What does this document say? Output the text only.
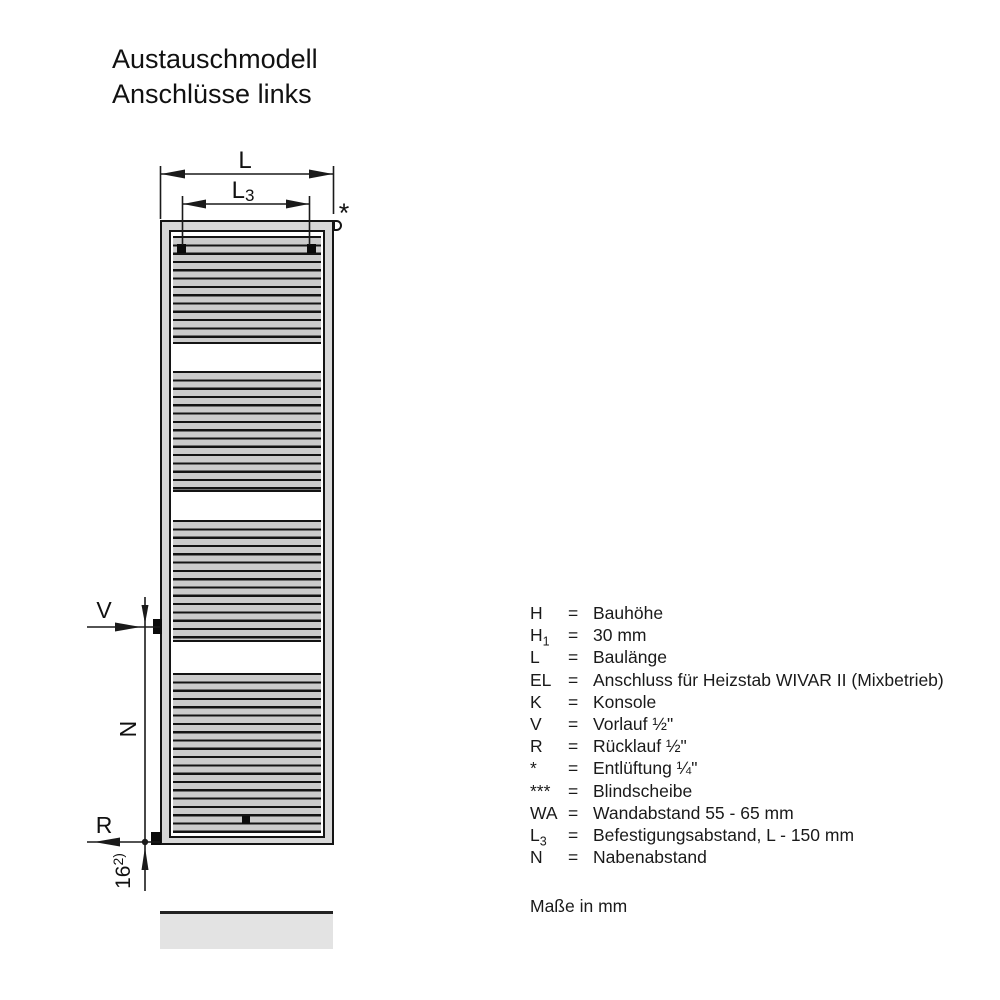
Austauschmodell
Anschlüsse links
L
L3
*
V
N
R
16$^{2)}$
H	= Bauhöhe
$H_1$	= 30 mm
L	= Baulänge
EL = Anschluss für Heizstab WIVAR II (Mixbetrieb)
K	= Konsole
V	= Vorlauf ½"
R	= Rücklauf ½"
*	= Entlüftung ¼"
***	= Blindscheibe
WA = Wandabstand 55 - 65 mm
$L_3$	= Befestigungsabstand, L - 150 mm
N	= Nabenabstand
Maße in mm
